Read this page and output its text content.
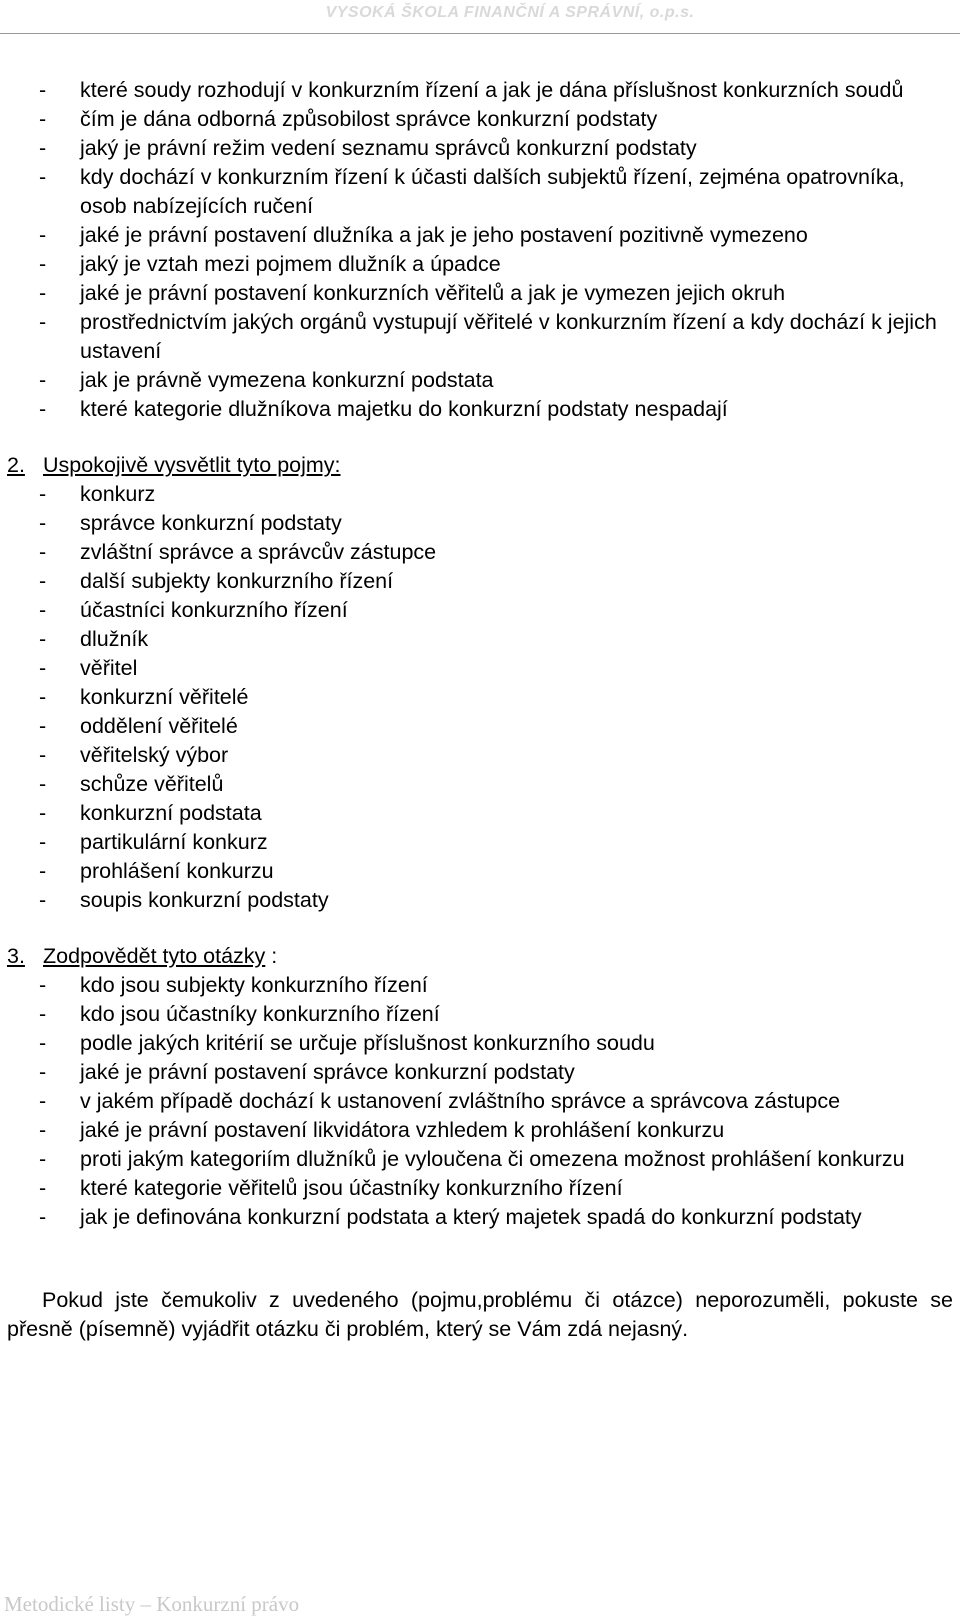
VYSOKÁ ŠKOLA FINANČNÍ A SPRÁVNÍ, o.p.s.
- které soudy rozhodují v konkurzním řízení a jak je dána příslušnost konkurzních soudů
- čím je dána odborná způsobilost správce konkurzní podstaty
- jaký je právní režim vedení seznamu správců konkurzní podstaty
- kdy dochází v konkurzním řízení k účasti dalších subjektů řízení, zejména opatrovníka, osob nabízejících ručení
- jaké je právní postavení dlužníka a jak je jeho postavení pozitivně vymezeno
- jaký je vztah mezi pojmem dlužník a úpadce
- jaké je právní postavení konkurzních věřitelů a jak je vymezen jejich okruh
- prostřednictvím jakých orgánů vystupují věřitelé v konkurzním řízení a kdy dochází k jejich ustavení
- jak je právně vymezena konkurzní podstata
- které kategorie dlužníkova majetku do konkurzní podstaty nespadají
2. Uspokojivě vysvětlit tyto pojmy:
- konkurz
- správce konkurzní podstaty
- zvláštní správce a správcův zástupce
- další subjekty konkurzního řízení
- účastníci konkurzního řízení
- dlužník
- věřitel
- konkurzní věřitelé
- oddělení věřitelé
- věřitelský výbor
- schůze věřitelů
- konkurzní podstata
- partikulární konkurz
- prohlášení konkurzu
- soupis konkurzní podstaty
3. Zodpovědět tyto otázky :
- kdo jsou subjekty konkurzního řízení
- kdo jsou účastníky konkurzního řízení
- podle jakých kritérií se určuje příslušnost konkurzního soudu
- jaké je právní postavení správce konkurzní podstaty
- v jakém případě dochází k ustanovení zvláštního správce a správcova zástupce
- jaké je právní postavení likvidátora vzhledem k prohlášení konkurzu
- proti jakým kategoriím dlužníků je vyloučena či omezena možnost prohlášení konkurzu
- které kategorie věřitelů jsou účastníky konkurzního řízení
- jak je definována konkurzní podstata a který majetek spadá do konkurzní podstaty

Pokud jste čemukoliv z uvedeného (pojmu,problému či otázce) neporozuměli, pokuste se přesně (písemně) vyjádřit otázku či problém, který se Vám zdá nejasný.

Metodické listy – Konkurzní právo
